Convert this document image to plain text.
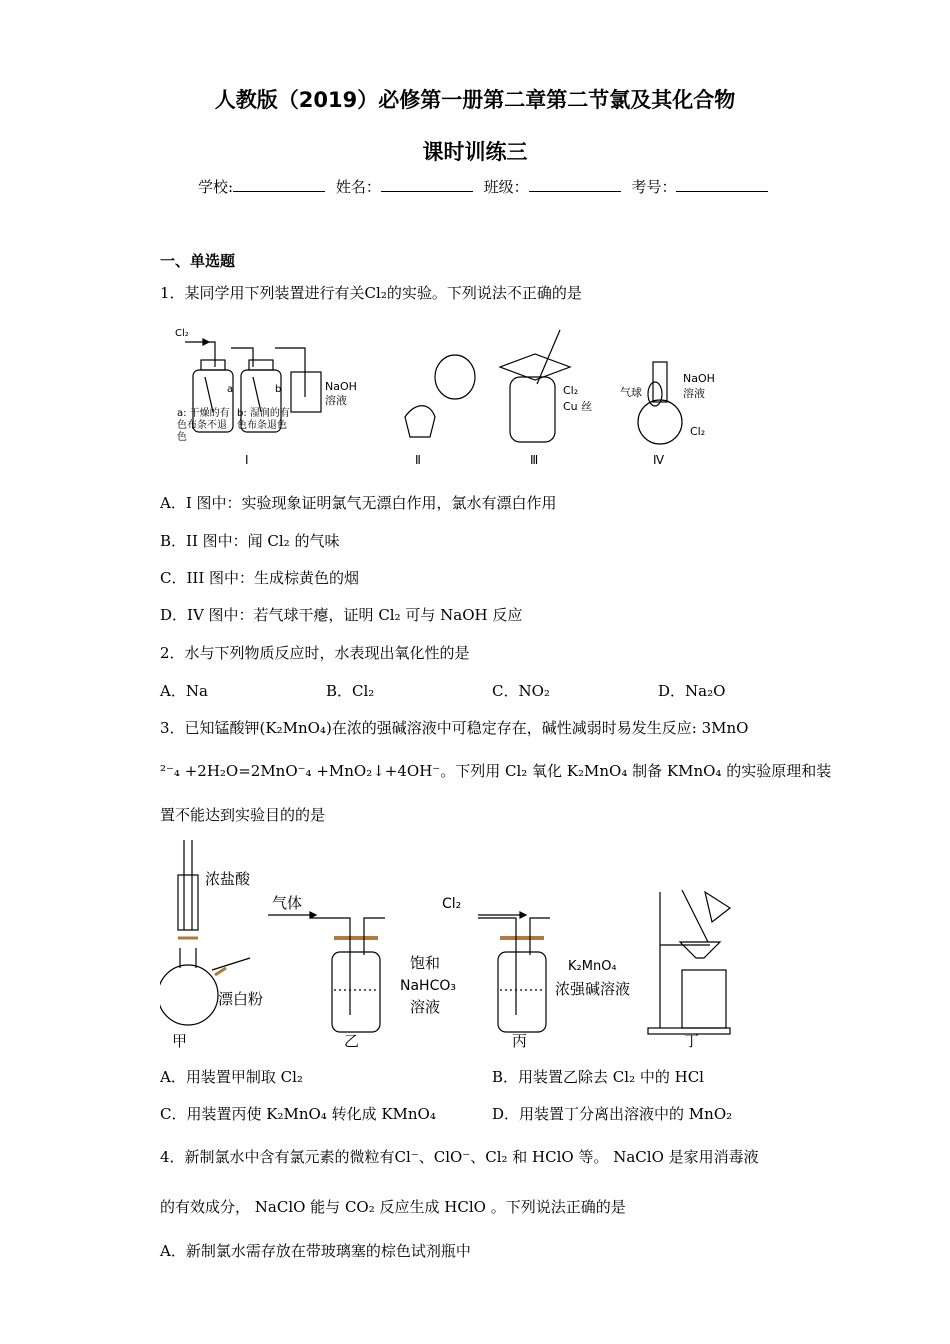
人教版（2019）必修第一册第二章第二节氯及其化合物
课时训练三
学校:	姓名：	班级：	考号：
一、单选题
1．某同学用下列装置进行有关Cl₂的实验。下列说法不正确的是
Cl₂
a	b	NaOH
溶液
a: 干燥的有
色布条不退
色
b: 湿润的有
色布条退色
I	Ⅱ	Ⅲ	Ⅳ
Cl₂
Cu 丝
气球
NaOH
溶液
Cl₂
A．I 图中：实验现象证明氯气无漂白作用，氯水有漂白作用
B．II 图中：闻 Cl₂ 的气味
C．III 图中：生成棕黄色的烟
D．IV 图中：若气球干瘪，证明 Cl₂ 可与 NaOH 反应
2．水与下列物质反应时，水表现出氧化性的是
A．Na	B．Cl₂	C．NO₂	D．Na₂O
3．已知锰酸钾(K₂MnO₄)在浓的强碱溶液中可稳定存在，碱性减弱时易发生反应: 3MnO
²⁻₄ +2H₂O=2MnO⁻₄ +MnO₂↓+4OH⁻。下列用 Cl₂ 氧化 K₂MnO₄ 制备 KMnO₄ 的实验原理和装
置不能达到实验目的的是
浓盐酸
漂白粉
甲
气体
饱和
NaHCO₃
溶液
乙
Cl₂
K₂MnO₄
浓强碱溶液
丙	丁
A．用装置甲制取 Cl₂	B．用装置乙除去 Cl₂ 中的 HCl
C．用装置丙使 K₂MnO₄ 转化成 KMnO₄	D．用装置丁分离出溶液中的 MnO₂
4．新制氯水中含有氯元素的微粒有Cl⁻、ClO⁻、Cl₂ 和 HClO 等。 NaClO 是家用消毒液
的有效成分， NaClO 能与 CO₂ 反应生成 HClO 。下列说法正确的是
A．新制氯水需存放在带玻璃塞的棕色试剂瓶中
